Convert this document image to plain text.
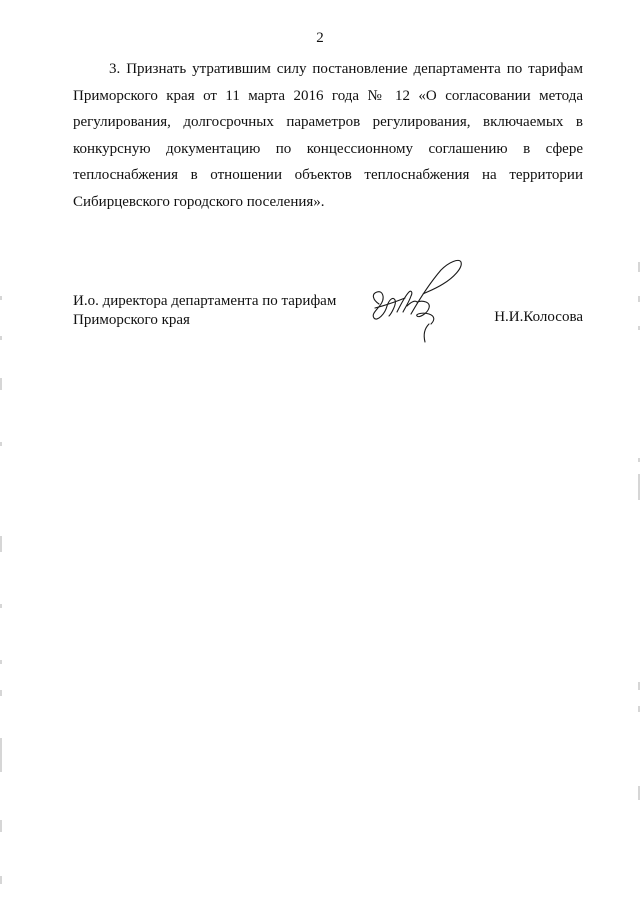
2

3. Признать утратившим силу постановление департамента по тарифам Приморского края от 11 марта 2016 года № 12 «О согласовании метода регулирования, долгосрочных параметров регулирования, включаемых в конкурсную документацию по концессионному соглашению в сфере теплоснабжения в отношении объектов теплоснабжения на территории Сибирцевского городского поселения».

И.о. директора департамента по тарифам
Приморского края	Н.И.Колосова
